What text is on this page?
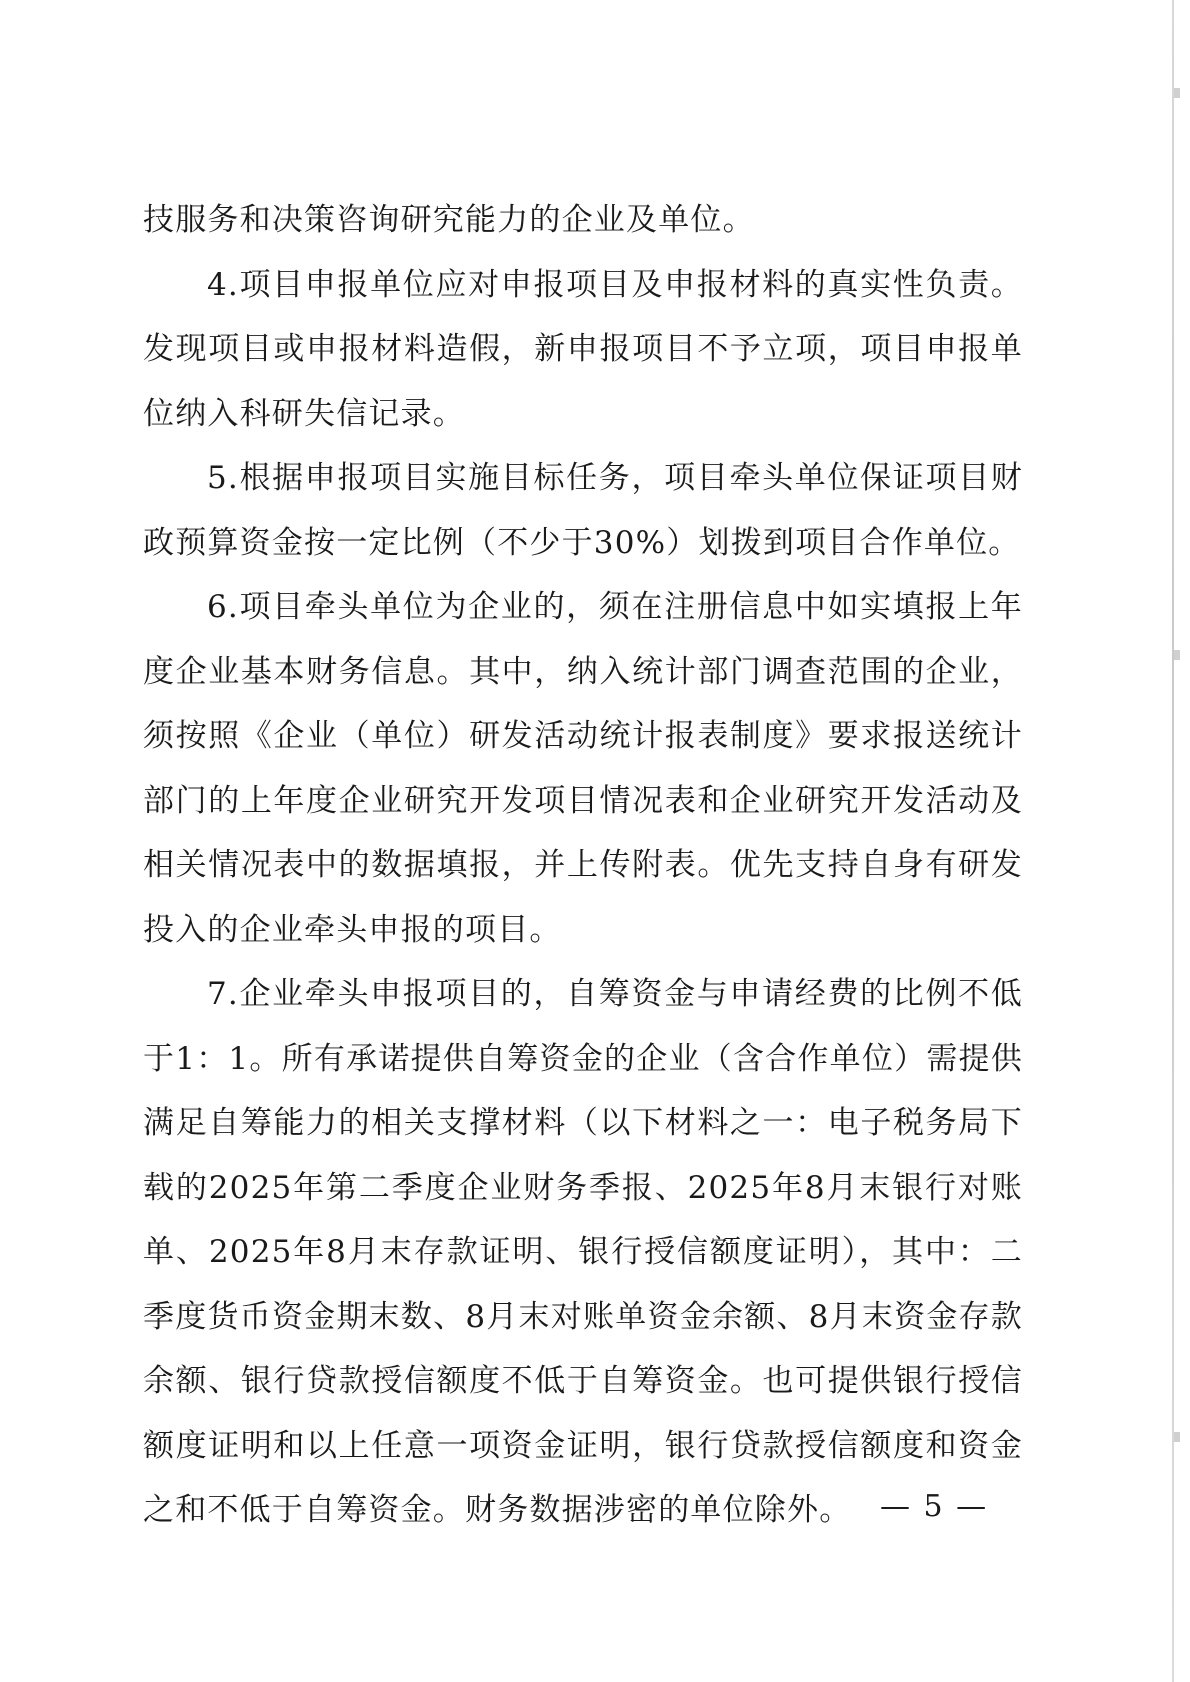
技服务和决策咨询研究能力的企业及单位。

4.项目申报单位应对申报项目及申报材料的真实性负责。发现项目或申报材料造假，新申报项目不予立项，项目申报单位纳入科研失信记录。

5.根据申报项目实施目标任务，项目牵头单位保证项目财政预算资金按一定比例（不少于30%）划拨到项目合作单位。

6.项目牵头单位为企业的，须在注册信息中如实填报上年度企业基本财务信息。其中，纳入统计部门调查范围的企业，须按照《企业（单位）研发活动统计报表制度》要求报送统计部门的上年度企业研究开发项目情况表和企业研究开发活动及相关情况表中的数据填报，并上传附表。优先支持自身有研发投入的企业牵头申报的项目。

7.企业牵头申报项目的，自筹资金与申请经费的比例不低于1：1。所有承诺提供自筹资金的企业（含合作单位）需提供满足自筹能力的相关支撑材料（以下材料之一：电子税务局下载的2025年第二季度企业财务季报、2025年8月末银行对账单、2025年8月末存款证明、银行授信额度证明），其中：二季度货币资金期末数、8月末对账单资金余额、8月末资金存款余额、银行贷款授信额度不低于自筹资金。也可提供银行授信额度证明和以上任意一项资金证明，银行贷款授信额度和资金之和不低于自筹资金。财务数据涉密的单位除外。 — 5 —
